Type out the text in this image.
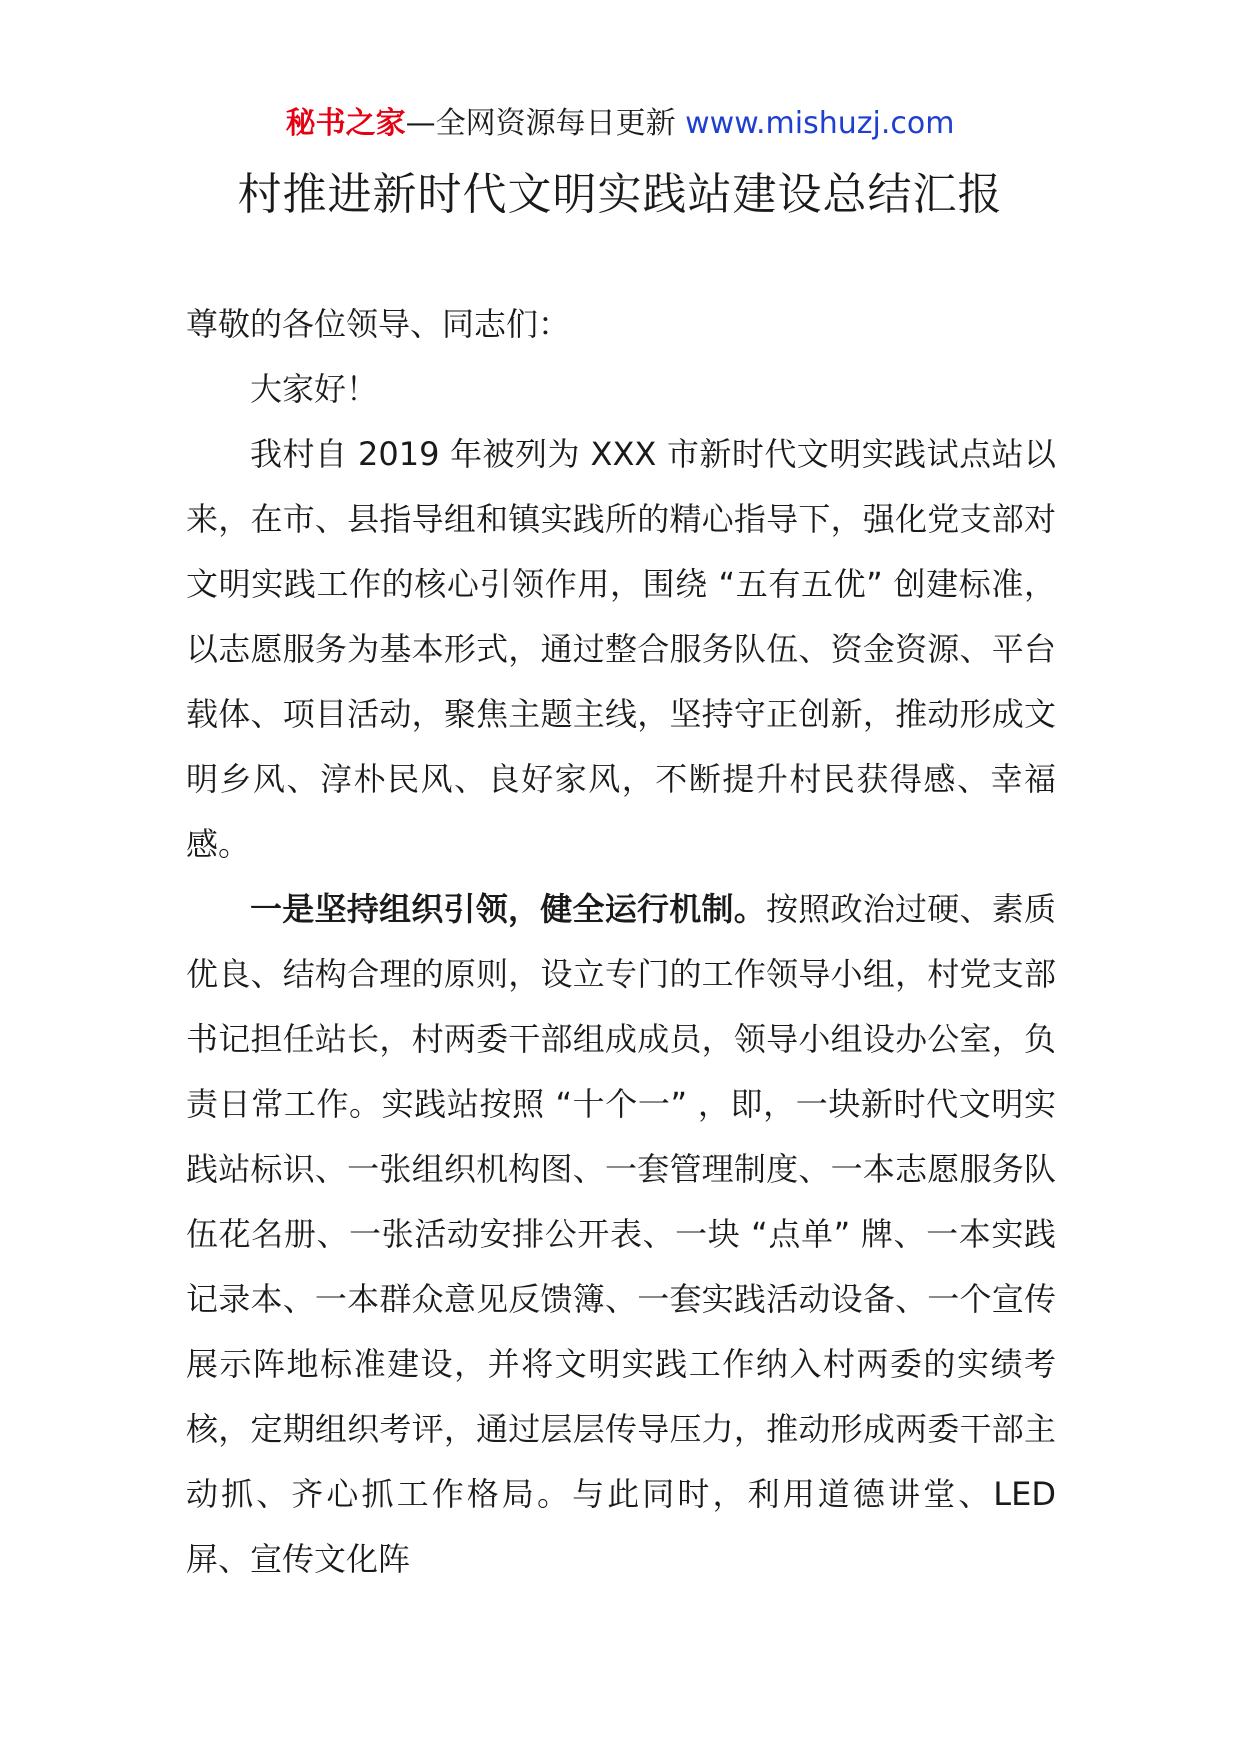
秘书之家—全网资源每日更新 www.mishuzj.com
村推进新时代文明实践站建设总结汇报

尊敬的各位领导、同志们：

大家好！

我村自 2019 年被列为 XXX 市新时代文明实践试点站以来，在市、县指导组和镇实践所的精心指导下，强化党支部对文明实践工作的核心引领作用，围绕 “五有五优” 创建标准，以志愿服务为基本形式，通过整合服务队伍、资金资源、平台载体、项目活动，聚焦主题主线，坚持守正创新，推动形成文明乡风、淳朴民风、良好家风，不断提升村民获得感、幸福感。

一是坚持组织引领，健全运行机制。按照政治过硬、素质优良、结构合理的原则，设立专门的工作领导小组，村党支部书记担任站长，村两委干部组成成员，领导小组设办公室，负责日常工作。实践站按照 “十个一” ，即，一块新时代文明实践站标识、一张组织机构图、一套管理制度、一本志愿服务队伍花名册、一张活动安排公开表、一块 “点单” 牌、一本实践记录本、一本群众意见反馈簿、一套实践活动设备、一个宣传展示阵地标准建设，并将文明实践工作纳入村两委的实绩考核，定期组织考评，通过层层传导压力，推动形成两委干部主动抓、齐心抓工作格局。与此同时，利用道德讲堂、LED 屏、宣传文化阵
